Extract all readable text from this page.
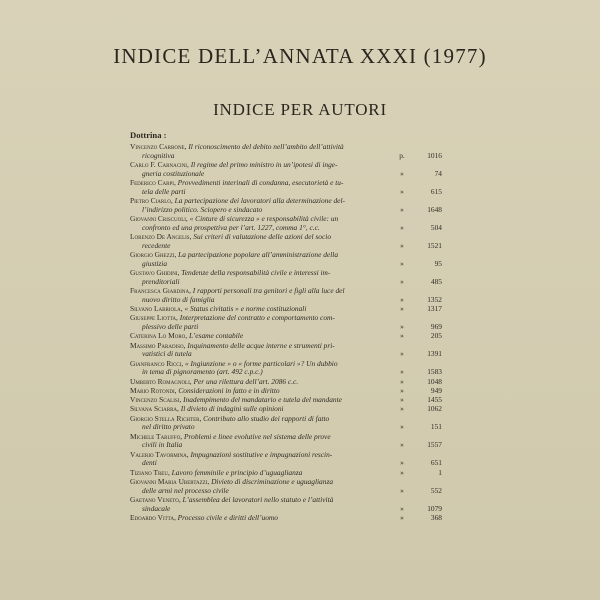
INDICE DELL’ANNATA XXXI (1977)
INDICE PER AUTORI
Dottrina :
Vincenzo Carbone, Il riconoscimento del debito nell’ambito dell’attività
ricognitiva	p.	1016
Carlo F. Carnacini, Il regime del primo ministro in un’ipotesi di inge-
gneria costituzionale	»	74
Federico Carpi, Provvedimenti interinali di condanna, esecutorietà e tu-
tela delle parti	»	615
Pietro Ciarlo, La partecipazione dei lavoratori alla determinazione del-
l’indirizzo politico. Sciopero e sindacato	»	1648
Giovanni Criscuoli, « Cinture di sicurezza » e responsabilità civile: un
confronto ed una prospettiva per l’art. 1227, comma 1°, c.c.	»	504
Lorenzo De Angelis, Sui criteri di valutazione delle azioni del socio
recedente	»	1521
Giorgio Ghezzi, La partecipazione popolare all’amministrazione della
giustizia	»	95
Gustavo Ghidini, Tendenze della responsabilità civile e interessi im-
prenditoriali	»	485
Francesca Giardina, I rapporti personali tra genitori e figli alla luce del
nuovo diritto di famiglia	»	1352
Silvano Labriola, « Status civitatis » e norme costituzionali	»	1317
Giuseppe Liotta, Interpretazione del contratto e comportamento com-
plessivo delle parti	»	969
Caterina Lo Moro, L’esame contabile	»	205
Massimo Paradiso, Inquinamento delle acque interne e strumenti pri-
vatistici di tutela	»	1391
Gianfranco Ricci, « Ingiunzione » o « forme particolari »? Un dubbio
in tema di pignoramento (art. 492 c.p.c.)	»	1583
Umberto Romagnoli, Per una rilettura dell’art. 2086 c.c.	»	1048
Mario Rotondi, Considerazioni in fatto e in diritto	»	949
Vincenzo Scalisi, Inadempimento del mandatario e tutela del mandante	»	1455
Silvana Sciarra, Il divieto di indagini sulle opinioni	»	1062
Giorgio Stella Richter, Contributo allo studio dei rapporti di fatto
nel diritto privato	»	151
Michele Taruffo, Problemi e linee evolutive nel sistema delle prove
civili in Italia	»	1557
Valerio Tavormina, Impugnazioni sostitutive e impugnazioni rescin-
denti	»	651
Tiziano Treu, Lavoro femminile e principio d’uguaglianza	»	1
Giovanni Maria Ubertazzi, Divieto di discriminazione e uguaglianza
delle armi nel processo civile	»	552
Gaetano Veneto, L’assemblea dei lavoratori nello statuto e l’attività
sindacale	»	1079
Edoardo Vitta, Processo civile e diritti dell’uomo	»	368
